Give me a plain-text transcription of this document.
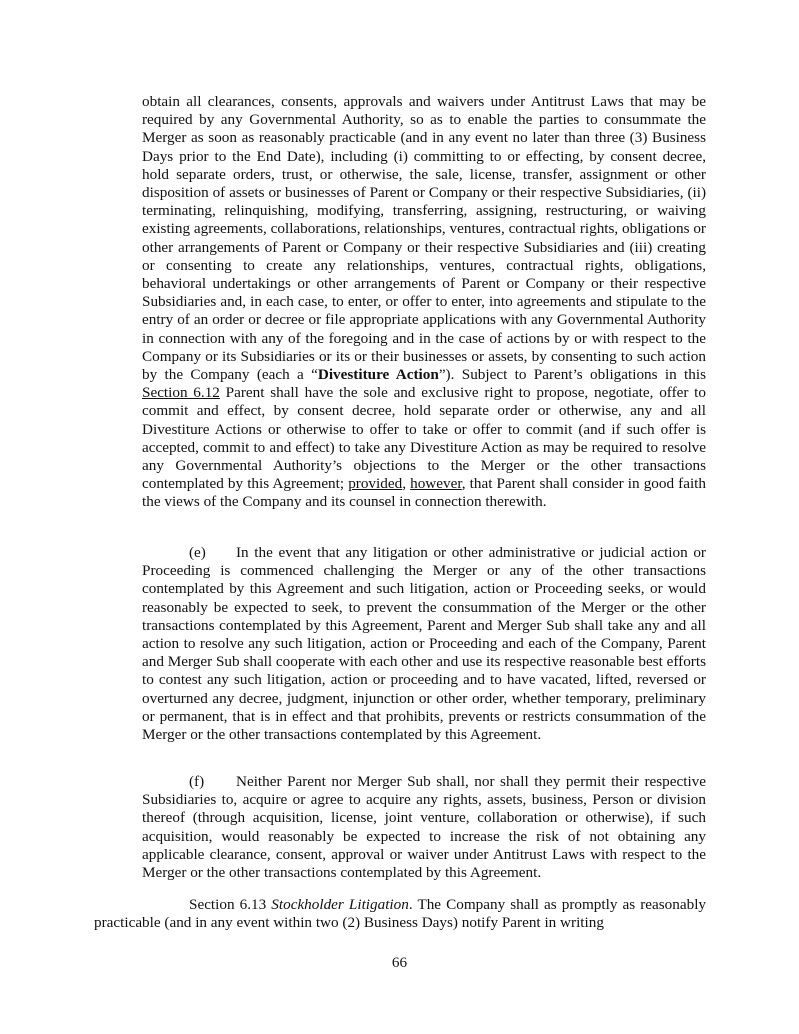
obtain all clearances, consents, approvals and waivers under Antitrust Laws that may be required by any Governmental Authority, so as to enable the parties to consummate the Merger as soon as reasonably practicable (and in any event no later than three (3) Business Days prior to the End Date), including (i) committing to or effecting, by consent decree, hold separate orders, trust, or otherwise, the sale, license, transfer, assignment or other disposition of assets or businesses of Parent or Company or their respective Subsidiaries, (ii) terminating, relinquishing, modifying, transferring, assigning, restructuring, or waiving existing agreements, collaborations, relationships, ventures, contractual rights, obligations or other arrangements of Parent or Company or their respective Subsidiaries and (iii) creating or consenting to create any relationships, ventures, contractual rights, obligations, behavioral undertakings or other arrangements of Parent or Company or their respective Subsidiaries and, in each case, to enter, or offer to enter, into agreements and stipulate to the entry of an order or decree or file appropriate applications with any Governmental Authority in connection with any of the foregoing and in the case of actions by or with respect to the Company or its Subsidiaries or its or their businesses or assets, by consenting to such action by the Company (each a “Divestiture Action”). Subject to Parent’s obligations in this Section 6.12 Parent shall have the sole and exclusive right to propose, negotiate, offer to commit and effect, by consent decree, hold separate order or otherwise, any and all Divestiture Actions or otherwise to offer to take or offer to commit (and if such offer is accepted, commit to and effect) to take any Divestiture Action as may be required to resolve any Governmental Authority’s objections to the Merger or the other transactions contemplated by this Agreement; provided, however, that Parent shall consider in good faith the views of the Company and its counsel in connection therewith.

(e) In the event that any litigation or other administrative or judicial action or Proceeding is commenced challenging the Merger or any of the other transactions contemplated by this Agreement and such litigation, action or Proceeding seeks, or would reasonably be expected to seek, to prevent the consummation of the Merger or the other transactions contemplated by this Agreement, Parent and Merger Sub shall take any and all action to resolve any such litigation, action or Proceeding and each of the Company, Parent and Merger Sub shall cooperate with each other and use its respective reasonable best efforts to contest any such litigation, action or proceeding and to have vacated, lifted, reversed or overturned any decree, judgment, injunction or other order, whether temporary, preliminary or permanent, that is in effect and that prohibits, prevents or restricts consummation of the Merger or the other transactions contemplated by this Agreement.

(f) Neither Parent nor Merger Sub shall, nor shall they permit their respective Subsidiaries to, acquire or agree to acquire any rights, assets, business, Person or division thereof (through acquisition, license, joint venture, collaboration or otherwise), if such acquisition, would reasonably be expected to increase the risk of not obtaining any applicable clearance, consent, approval or waiver under Antitrust Laws with respect to the Merger or the other transactions contemplated by this Agreement.

Section 6.13 Stockholder Litigation. The Company shall as promptly as reasonably practicable (and in any event within two (2) Business Days) notify Parent in writing

66
